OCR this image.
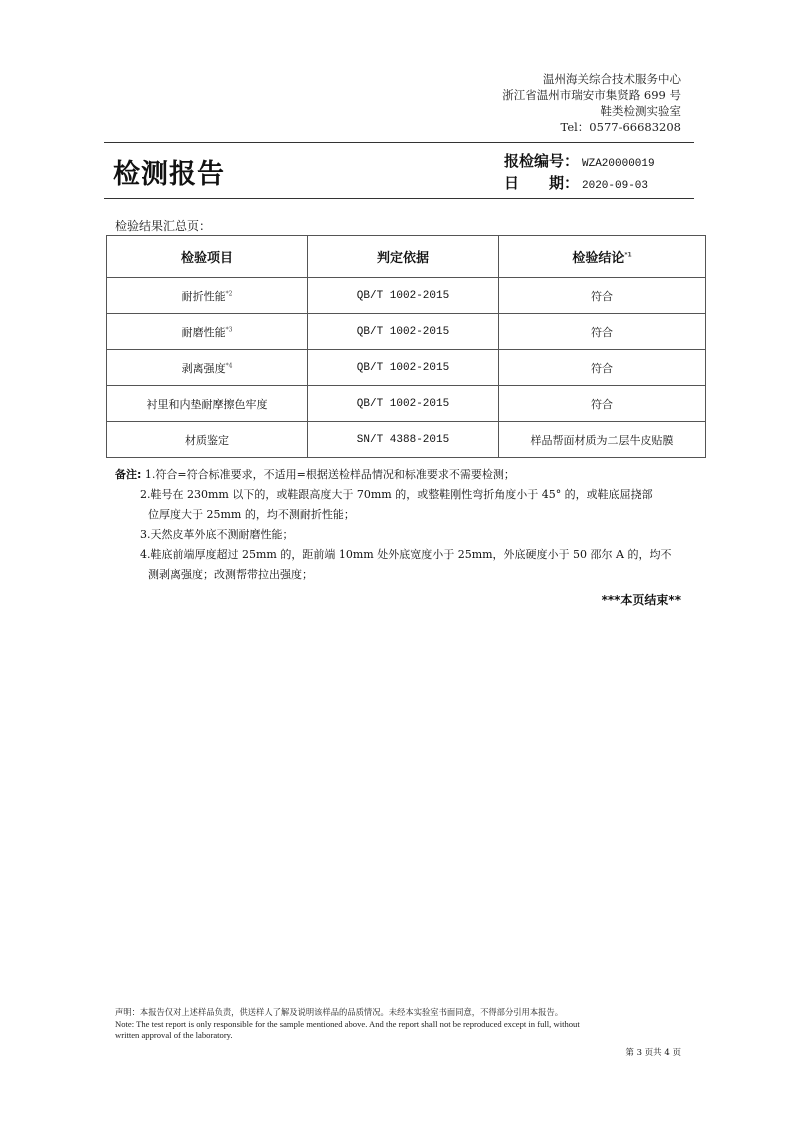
温州海关综合技术服务中心
浙江省温州市瑞安市集贤路 699 号
鞋类检测实验室
Tel：0577-66683208
检测报告	报检编号： WZA20000019
日　　期： 2020-09-03
检验结果汇总页：
检验项目	判定依据	检验结论$^{*1}$
耐折性能$^{*2}$	QB/T 1002-2015	符合
耐磨性能$^{*3}$	QB/T 1002-2015	符合
剥离强度$^{*4}$	QB/T 1002-2015	符合
衬里和内垫耐摩擦色牢度	QB/T 1002-2015	符合
材质鉴定	SN/T 4388-2015	样品帮面材质为二层牛皮贴膜
备注: 1.符合=符合标准要求，不适用=根据送检样品情况和标准要求不需要检测；
2.鞋号在 230mm 以下的，或鞋跟高度大于 70mm 的，或整鞋刚性弯折角度小于 45° 的，或鞋底屈挠部
位厚度大于 25mm 的，均不测耐折性能；
3.天然皮革外底不测耐磨性能；
4.鞋底前端厚度超过 25mm 的，距前端 10mm 处外底宽度小于 25mm，外底硬度小于 50 邵尔 A 的，均不
测剥离强度；改测帮带拉出强度；
***本页结束**
声明：本报告仅对上述样品负责，供送样人了解及说明该样品的品质情况。未经本实验室书面同意，不得部分引用本报告。
Note: The test report is only responsible for the sample mentioned above. And the report shall not be reproduced except in full, without
written approval of the laboratory.
第 3 页共 4 页
